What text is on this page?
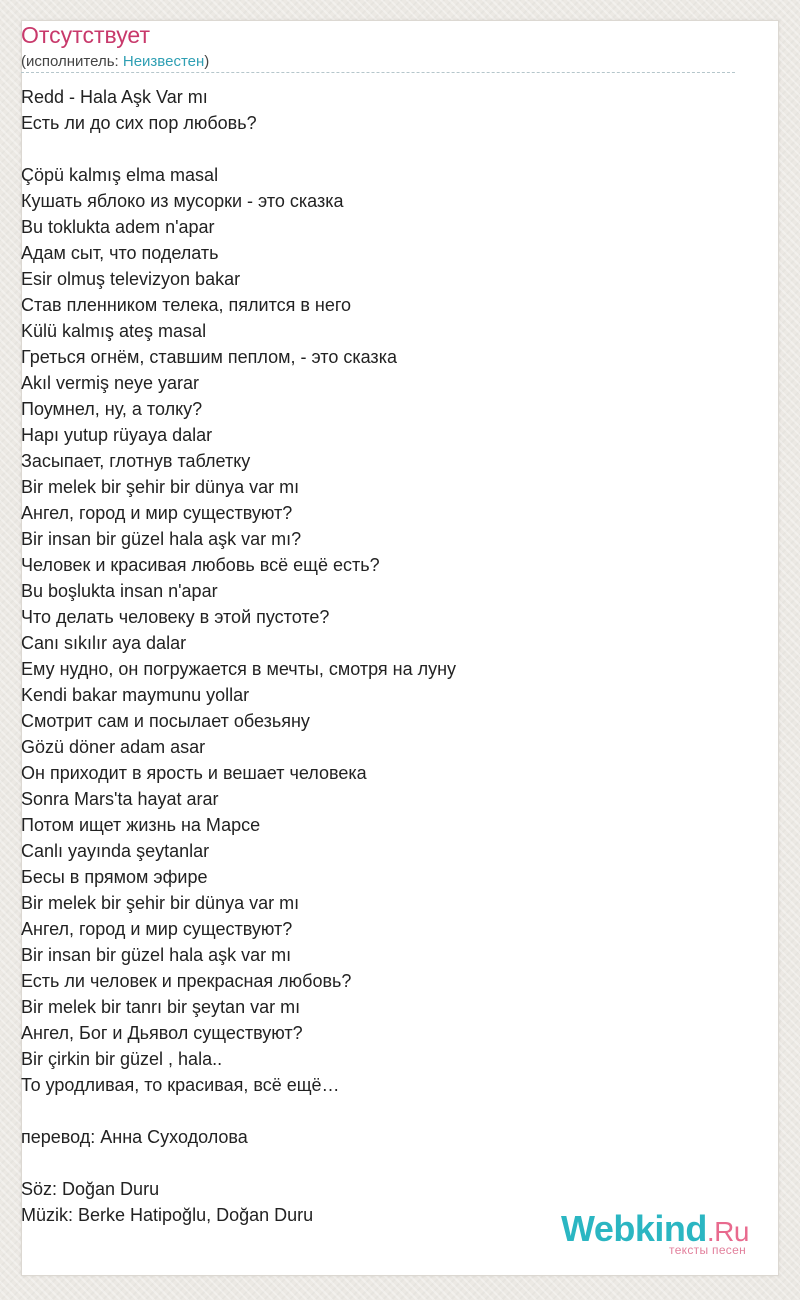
Отсутствует
(исполнитель: Неизвестен)
Redd - Hala Aşk Var mı
Есть ли до сих пор любовь?
Çöpü kalmış elma masal
Кушать яблоко из мусорки - это сказка
Bu toklukta adem n'apar
Адам сыт, что поделать
Esir olmuş televizyon bakar
Став пленником телека, пялится в него
Külü kalmış ateş masal
Греться огнём, ставшим пеплом, - это сказка
Akıl vermiş neye yarar
Поумнел, ну, а толку?
Hapı yutup rüyaya dalar
Засыпает, глотнув таблетку
Bir melek bir şehir bir dünya var mı
Ангел, город и мир существуют?
Bir insan bir güzel hala aşk var mı?
Человек и красивая любовь всё ещё есть?
Bu boşlukta insan n'apar
Что делать человеку в этой пустоте?
Canı sıkılır aya dalar
Ему нудно, он погружается в мечты, смотря на луну
Kendi bakar maymunu yollar
Смотрит сам и посылает обезьяну
Gözü döner adam asar
Он приходит в ярость и вешает человека
Sonra Mars'ta hayat arar
Потом ищет жизнь на Марсе
Canlı yayında şeytanlar
Бесы в прямом эфире
Bir melek bir şehir bir dünya var mı
Ангел, город и мир существуют?
Bir insan bir güzel hala aşk var mı
Есть ли человек и прекрасная любовь?
Bir melek bir tanrı bir şeytan var mı
Ангел, Бог и Дьявол существуют?
Bir çirkin bir güzel , hala..
То уродливая, то красивая, всё ещё…
перевод: Анна Суходолова
Söz: Doğan Duru
Müzik: Berke Hatipoğlu, Doğan Duru	Webkind.Ru
тексты песен
